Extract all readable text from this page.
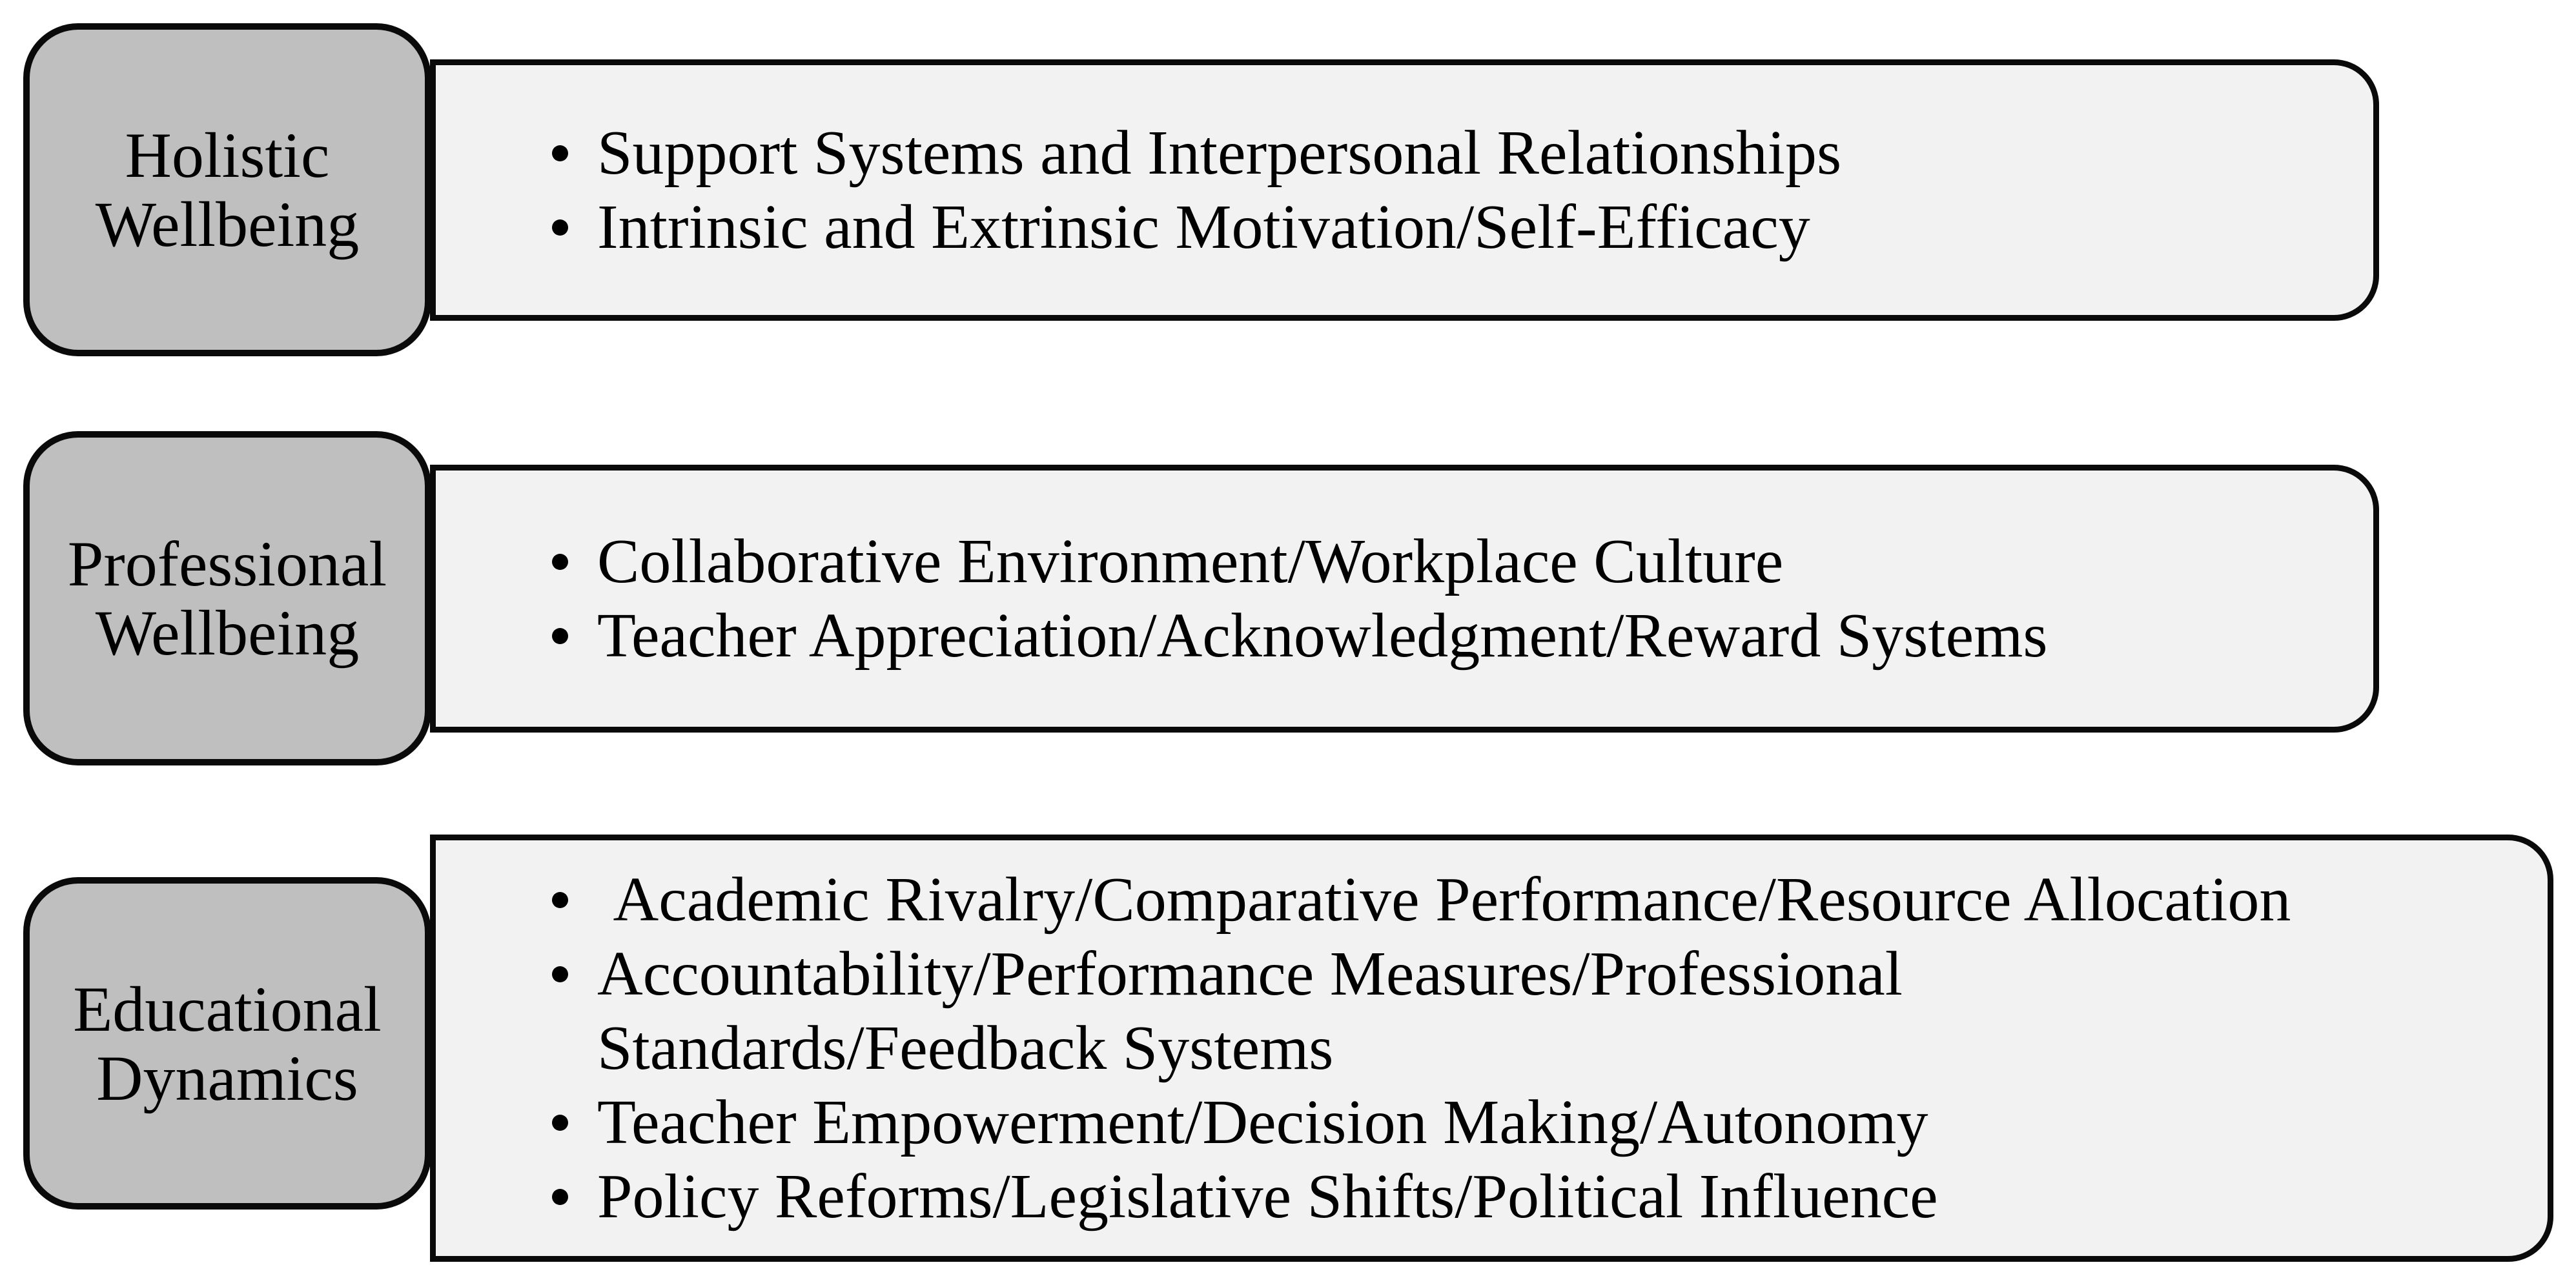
Holistic Wellbeing
Support Systems and Interpersonal Relationships
Intrinsic and Extrinsic Motivation/Self-Efficacy
Professional Wellbeing
Collaborative Environment/Workplace Culture
Teacher Appreciation/Acknowledgment/Reward Systems
Educational Dynamics
Academic Rivalry/Comparative Performance/Resource Allocation
Accountability/Performance Measures/Professional
Standards/Feedback Systems
Teacher Empowerment/Decision Making/Autonomy
Policy Reforms/Legislative Shifts/Political Influence
